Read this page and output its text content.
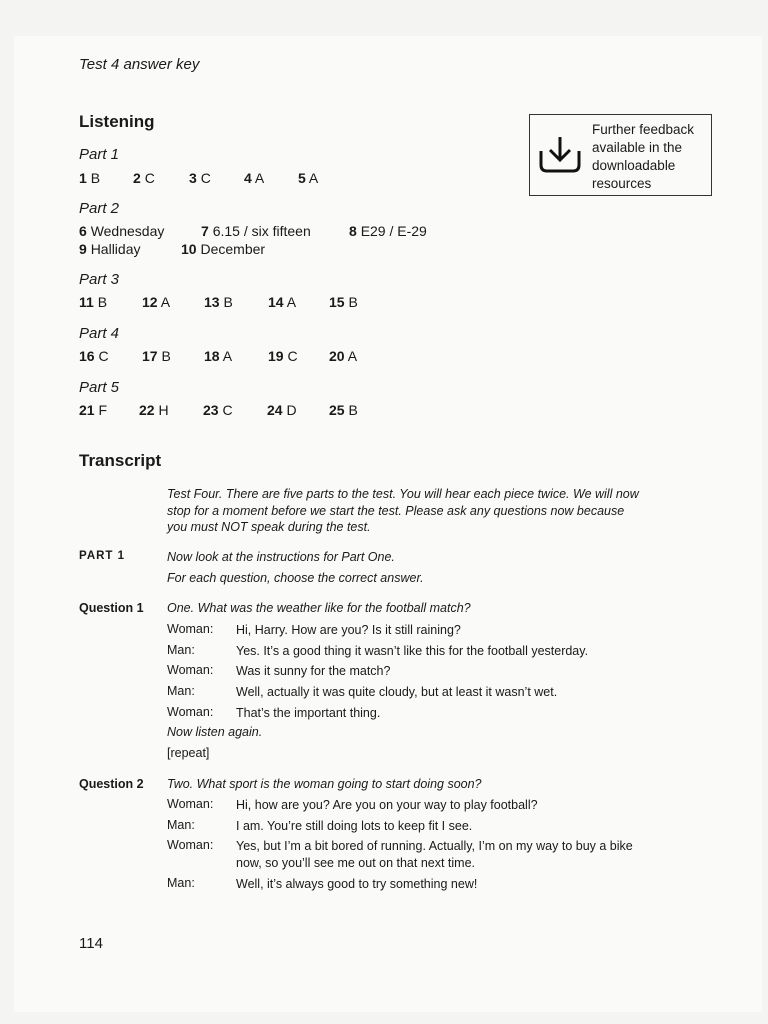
Test 4 answer key
Listening	Further feedback available in the downloadable resources
Part 1
1 B 2 C 3 C 4 A 5 A
Part 2
6 Wednesday	7 6.15 / six fifteen	8 E29 / E-29
9 Halliday	10 December
Part 3
11 B 12 A 13 B	14 A 15 B
Part 4
16 C 17 B 18 A	19 C 20 A
Part 5
21 F 22 H 23 C 24 D 25 B
Transcript
Test Four. There are five parts to the test. You will hear each piece twice. We will now stop for a moment before we start the test. Please ask any questions now because you must NOT speak during the test.
PART 1	Now look at the instructions for Part One.
For each question, choose the correct answer.
Question 1 One. What was the weather like for the football match?
Woman: Hi, Harry. How are you? Is it still raining?
Man:	Yes. It’s a good thing it wasn’t like this for the football yesterday.
Woman: Was it sunny for the match?
Man:	Well, actually it was quite cloudy, but at least it wasn’t wet.
Woman: That’s the important thing.
Now listen again.
[repeat]
Question 2 Two. What sport is the woman going to start doing soon?
Woman: Hi, how are you? Are you on your way to play football?
Man:	I am. You’re still doing lots to keep fit I see.
Woman: Yes, but I’m a bit bored of running. Actually, I’m on my way to buy a bike now, so you’ll see me out on that next time.
Man:	Well, it’s always good to try something new!
114
